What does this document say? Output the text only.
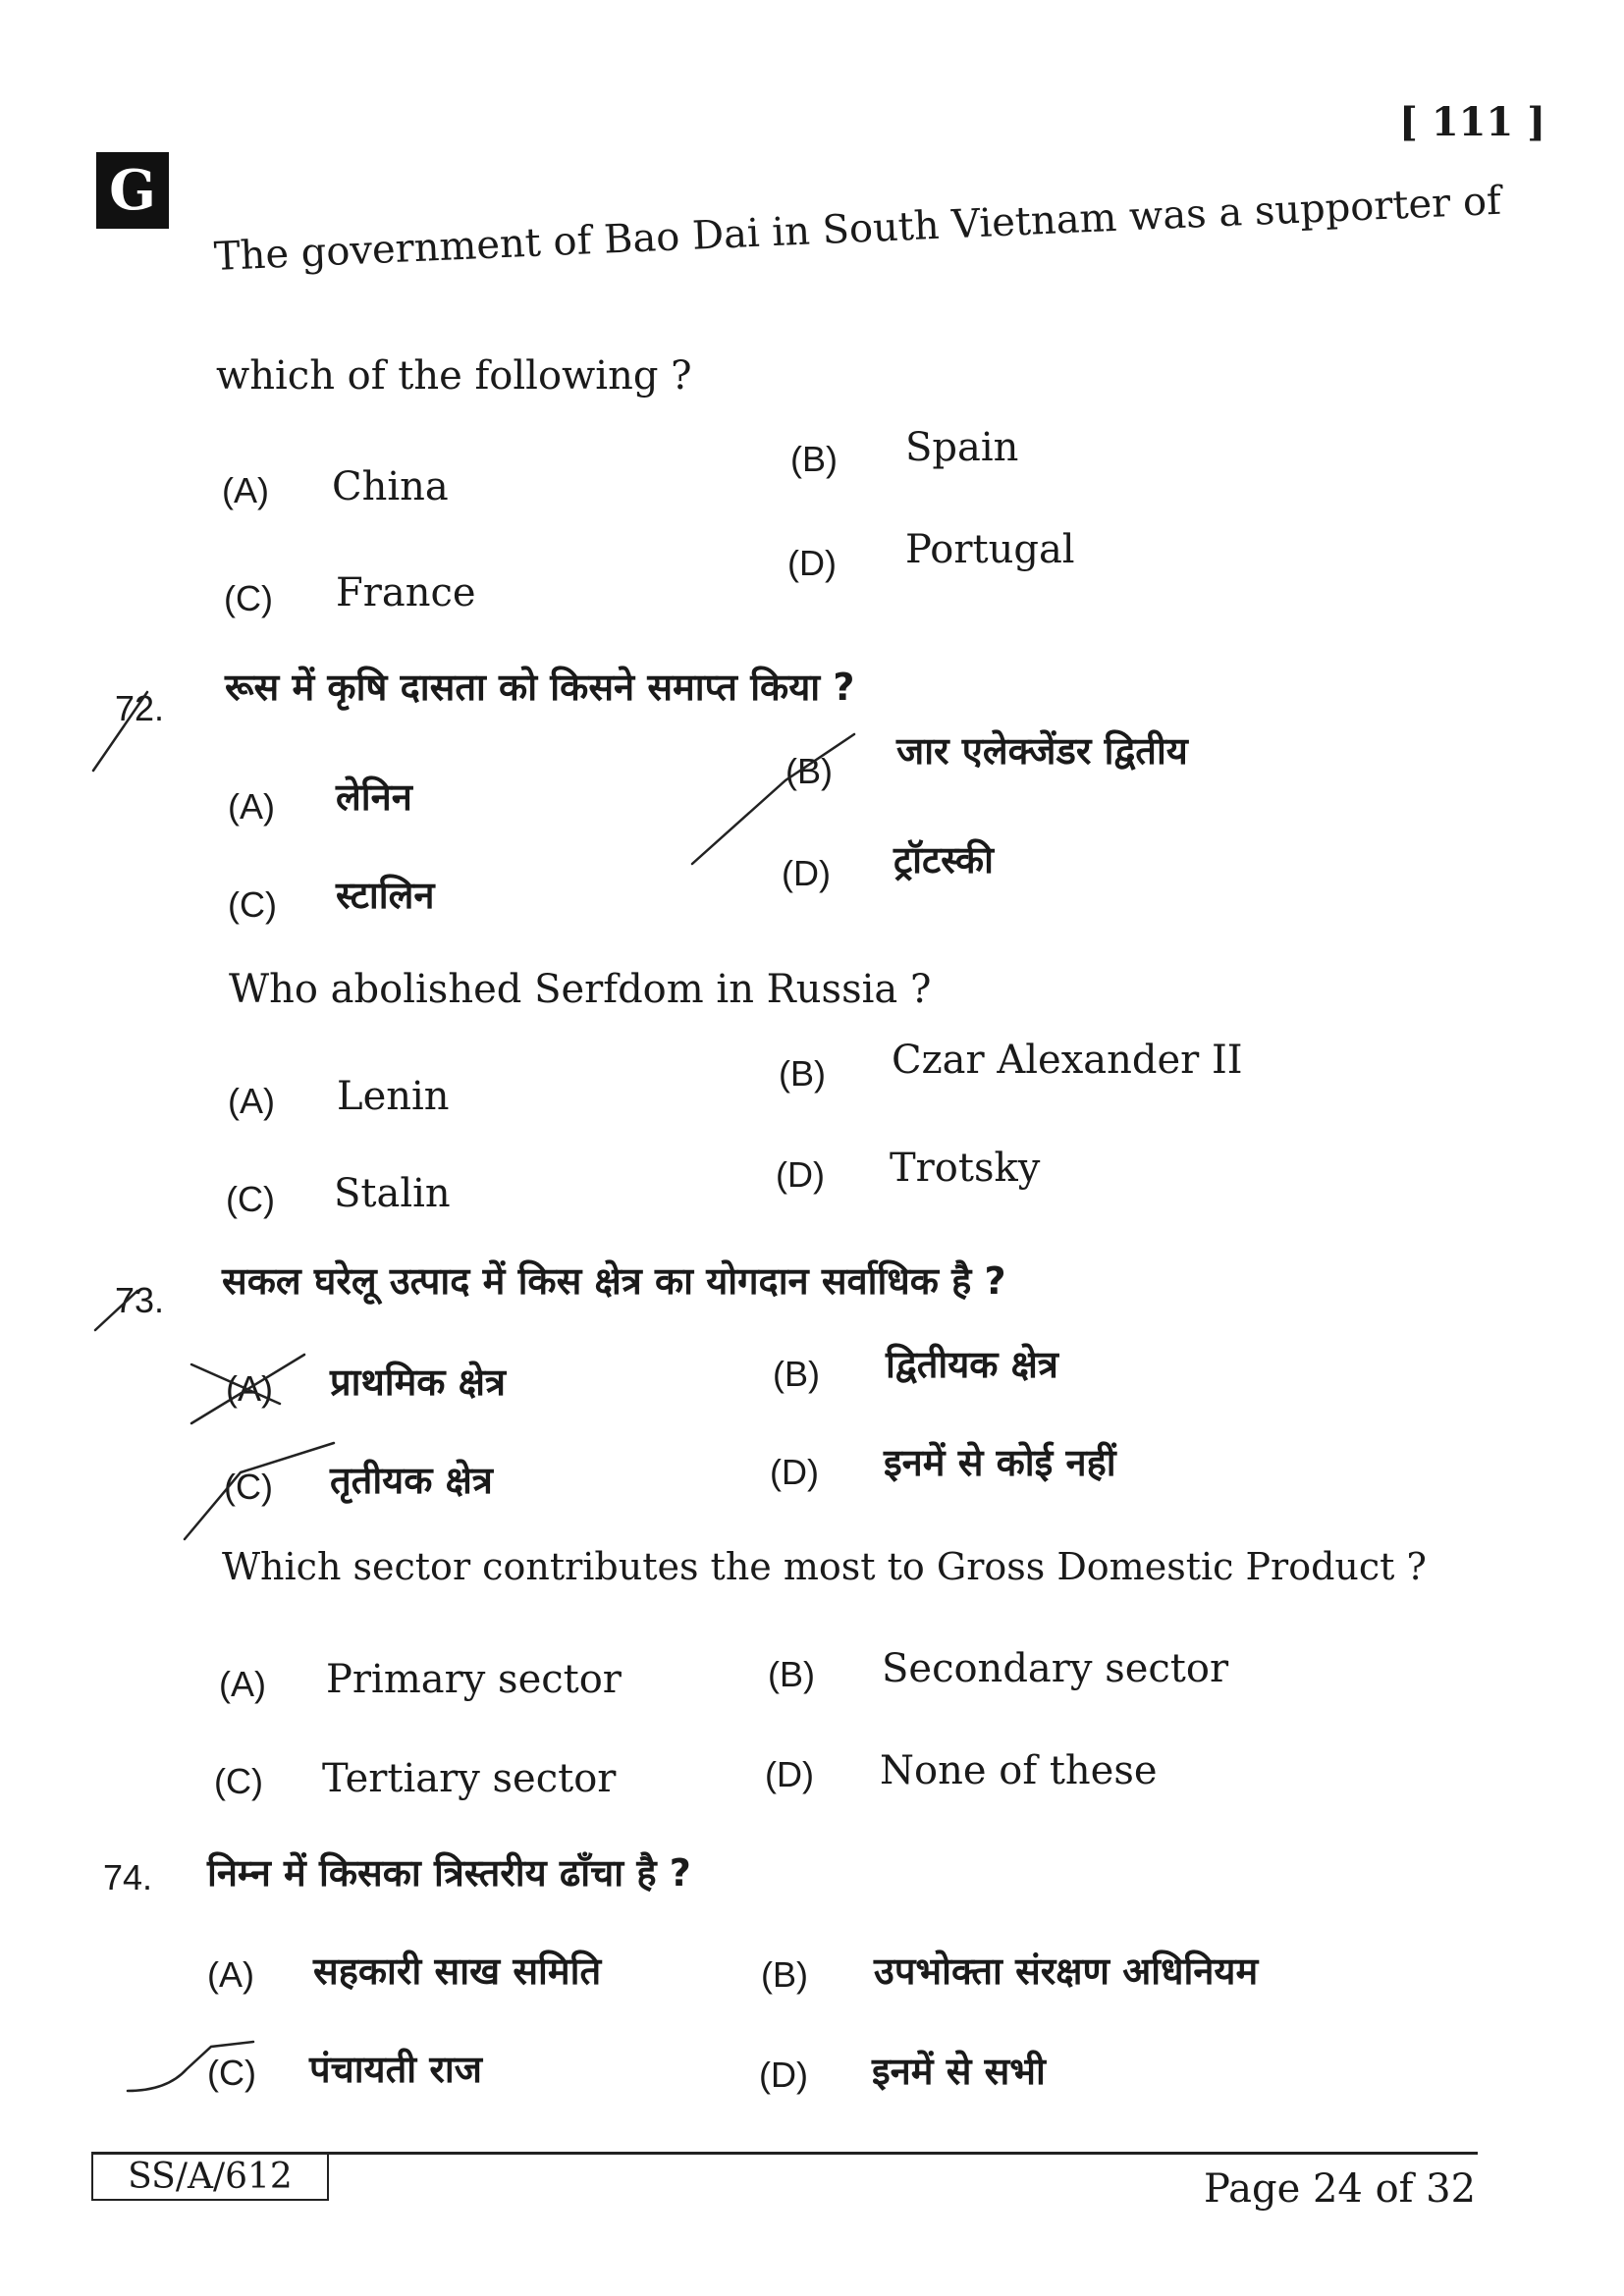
[ 111 ]
G	The government of Bao Dai in South Vietnam was a supporter of
which of the following ?
(A) China
(B) Spain
(C) France
(D) Portugal
72. रूस में कृषि दासता को किसने समाप्त किया ?
(A) लेनिन
(B) जार एलेक्जेंडर द्वितीय
(C) स्टालिन
(D) ट्रॉटस्की
Who abolished Serfdom in Russia ?
(A) Lenin
(B) Czar Alexander II
(C) Stalin	(D) Trotsky
73. सकल घरेलू उत्पाद में किस क्षेत्र का योगदान सर्वाधिक है ?
(A) प्राथमिक क्षेत्र	(B) द्वितीयक क्षेत्र
(C) तृतीयक क्षेत्र	(D) इनमें से कोई नहीं
Which sector contributes the most to Gross Domestic Product ?
(A) Primary sector	(B) Secondary sector
(C) Tertiary sector	(D) None of these
74. निम्न में किसका त्रिस्तरीय ढाँचा है ?
(A) सहकारी साख समिति	(B) उपभोक्ता संरक्षण अधिनियम
(C) पंचायती राज	(D) इनमें से सभी
SS/A/612	Page 24 of 32
